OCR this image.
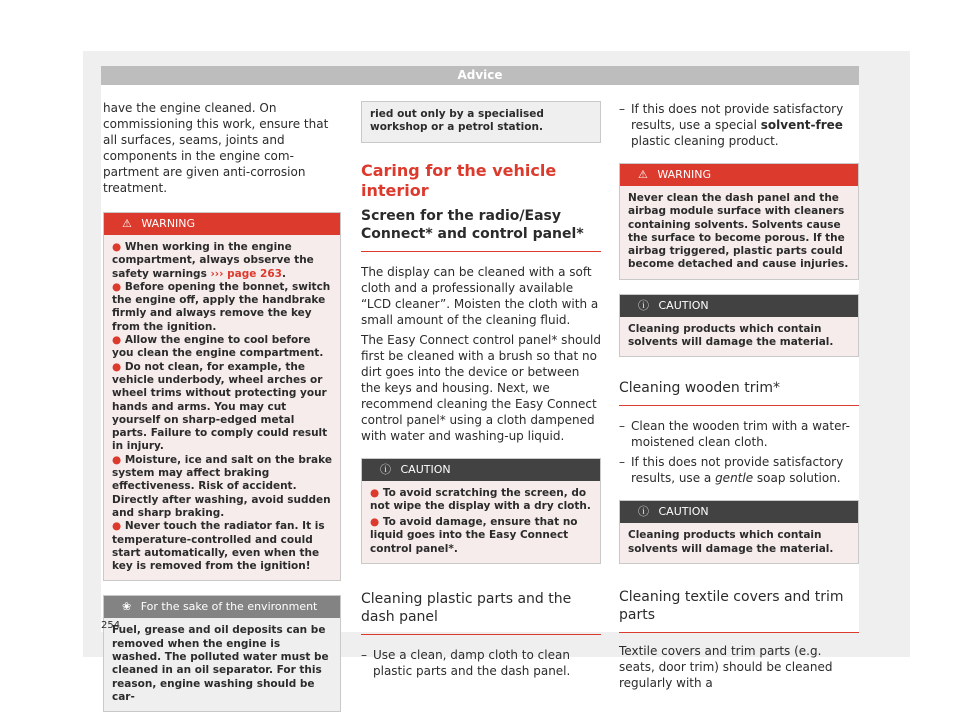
Advice

have the engine cleaned. On commissioning this work, ensure that all surfaces, seams, joints and components in the engine compartment are given anti-corrosion treatment.

⚠ WARNING
● When working in the engine compartment, always observe the safety warnings ››› page 263.
● Before opening the bonnet, switch the engine off, apply the handbrake firmly and always remove the key from the ignition.
● Allow the engine to cool before you clean the engine compartment.
● Do not clean, for example, the vehicle underbody, wheel arches or wheel trims without protecting your hands and arms. You may cut yourself on sharp-edged metal parts. Failure to comply could result in injury.
● Moisture, ice and salt on the brake system may affect braking effectiveness. Risk of accident. Directly after washing, avoid sudden and sharp braking.
● Never touch the radiator fan. It is temperature-controlled and could start automatically, even when the key is removed from the ignition!
❀ For the sake of the environment
Fuel, grease and oil deposits can be removed when the engine is washed. The polluted water must be cleaned in an oil separator. For this reason, engine washing should be car-
ried out only by a specialised workshop or a petrol station.
Caring for the vehicle interior
Screen for the radio/Easy Connect* and control panel*

The display can be cleaned with a soft cloth and a professionally available “LCD cleaner”. Moisten the cloth with a small amount of the cleaning fluid.

The Easy Connect control panel* should first be cleaned with a brush so that no dirt goes into the device or between the keys and housing. Next, we recommend cleaning the Easy Connect control panel* using a cloth dampened with water and washing-up liquid.

ⓘ CAUTION
● To avoid scratching the screen, do not wipe the display with a dry cloth.
● To avoid damage, ensure that no liquid goes into the Easy Connect control panel*.
Cleaning plastic parts and the dash panel
– Use a clean, damp cloth to clean plastic parts and the dash panel.
– If this does not provide satisfactory results, use a special solvent-free plastic cleaning product.
⚠ WARNING
Never clean the dash panel and the airbag module surface with cleaners containing solvents. Solvents cause the surface to become porous. If the airbag triggered, plastic parts could become detached and cause injuries.
ⓘ CAUTION
Cleaning products which contain solvents will damage the material.
Cleaning wooden trim*
– Clean the wooden trim with a water-moistened clean cloth.
– If this does not provide satisfactory results, use a gentle soap solution.
ⓘ CAUTION
Cleaning products which contain solvents will damage the material.
Cleaning textile covers and trim parts

Textile covers and trim parts (e.g. seats, door trim) should be cleaned regularly with a

254
